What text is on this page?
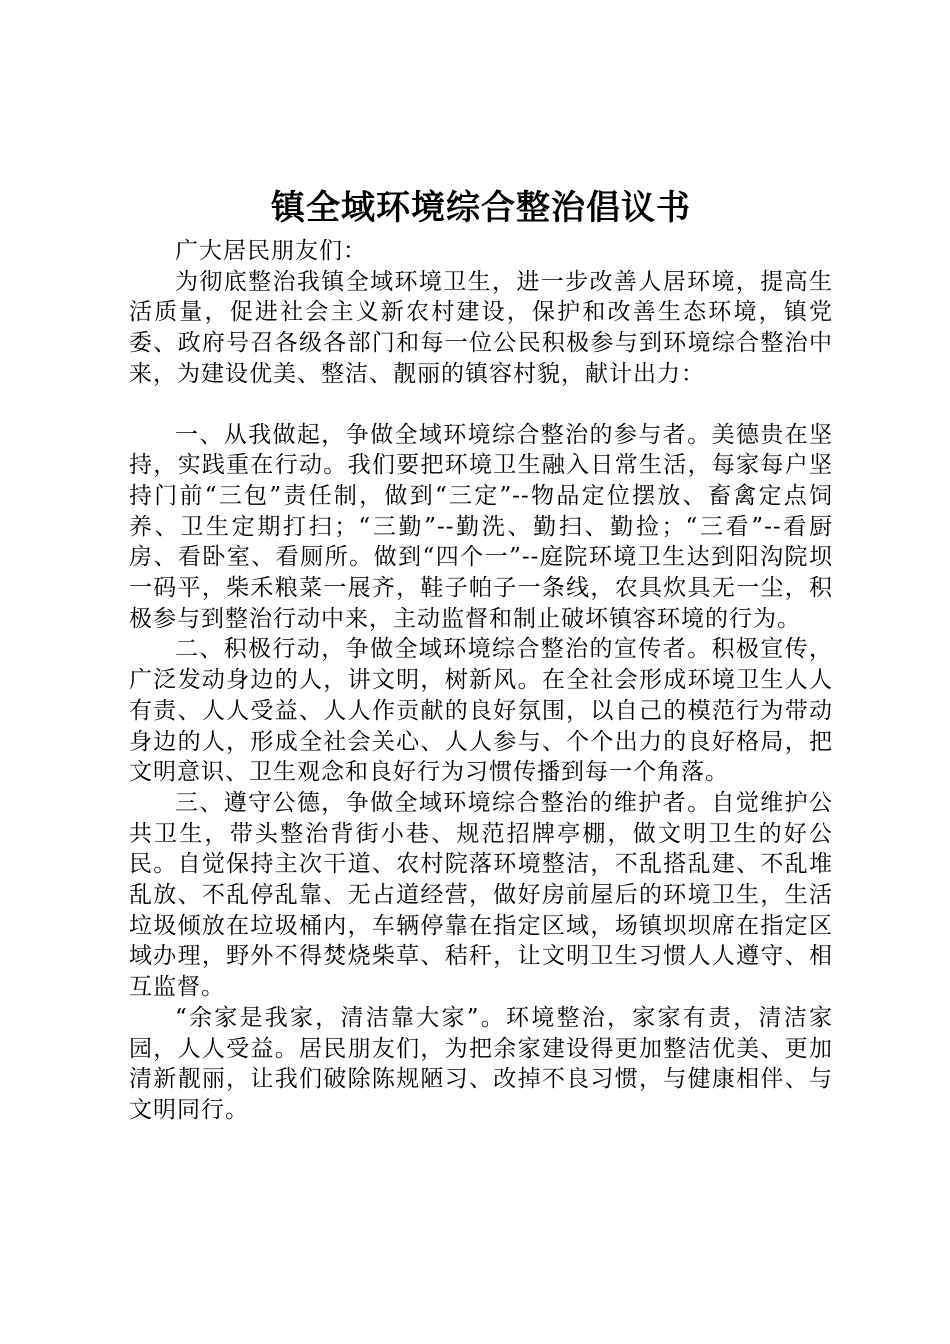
镇全域环境综合整治倡议书

广大居民朋友们：

为彻底整治我镇全域环境卫生，进一步改善人居环境，提高生活质量，促进社会主义新农村建设，保护和改善生态环境，镇党委、政府号召各级各部门和每一位公民积极参与到环境综合整治中来，为建设优美、整洁、靓丽的镇容村貌，献计出力：

一、从我做起，争做全域环境综合整治的参与者。美德贵在坚持，实践重在行动。我们要把环境卫生融入日常生活，每家每户坚持门前“三包”责任制，做到“三定”--物品定位摆放、畜禽定点饲养、卫生定期打扫；“三勤”--勤洗、勤扫、勤捡；“三看”--看厨房、看卧室、看厕所。做到“四个一”--庭院环境卫生达到阳沟院坝一码平，柴禾粮菜一展齐，鞋子帕子一条线，农具炊具无一尘，积极参与到整治行动中来，主动监督和制止破坏镇容环境的行为。

二、积极行动，争做全域环境综合整治的宣传者。积极宣传，广泛发动身边的人，讲文明，树新风。在全社会形成环境卫生人人有责、人人受益、人人作贡献的良好氛围，以自己的模范行为带动身边的人，形成全社会关心、人人参与、个个出力的良好格局，把文明意识、卫生观念和良好行为习惯传播到每一个角落。

三、遵守公德，争做全域环境综合整治的维护者。自觉维护公共卫生，带头整治背街小巷、规范招牌亭棚，做文明卫生的好公民。自觉保持主次干道、农村院落环境整洁，不乱搭乱建、不乱堆乱放、不乱停乱靠、无占道经营，做好房前屋后的环境卫生，生活垃圾倾放在垃圾桶内，车辆停靠在指定区域，场镇坝坝席在指定区域办理，野外不得焚烧柴草、秸秆，让文明卫生习惯人人遵守、相互监督。

“余家是我家，清洁靠大家”。环境整治，家家有责，清洁家园，人人受益。居民朋友们，为把余家建设得更加整洁优美、更加清新靓丽，让我们破除陈规陋习、改掉不良习惯，与健康相伴、与文明同行。
